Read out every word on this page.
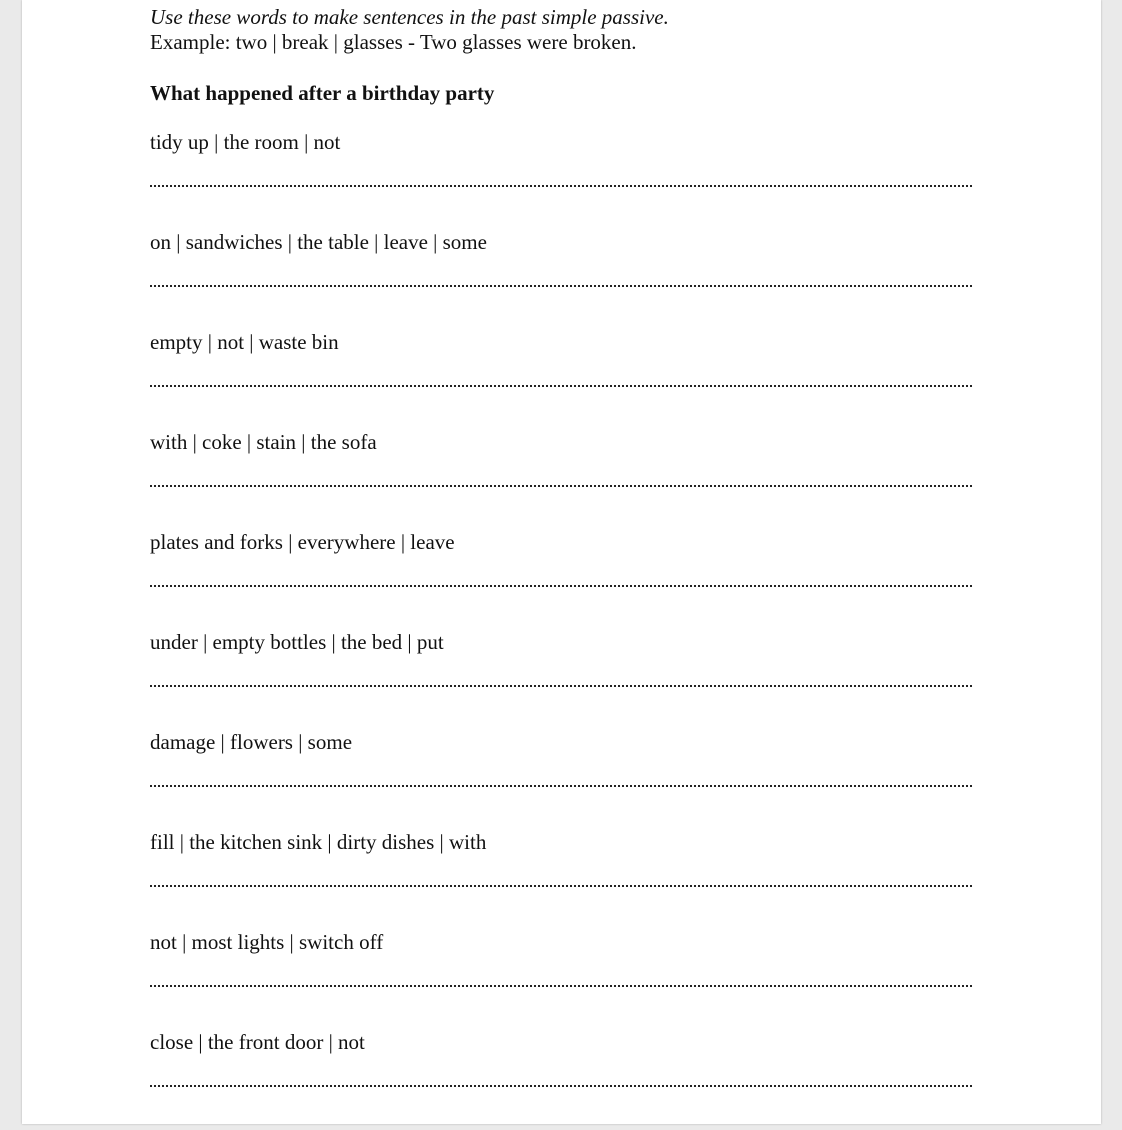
Use these words to make sentences in the past simple passive.
Example: two | break | glasses - Two glasses were broken.
What happened after a birthday party
tidy up | the room | not
on | sandwiches | the table | leave | some
empty | not | waste bin
with | coke | stain | the sofa
plates and forks | everywhere | leave
under | empty bottles | the bed | put
damage | flowers | some
fill | the kitchen sink | dirty dishes | with
not | most lights | switch off
close | the front door | not
